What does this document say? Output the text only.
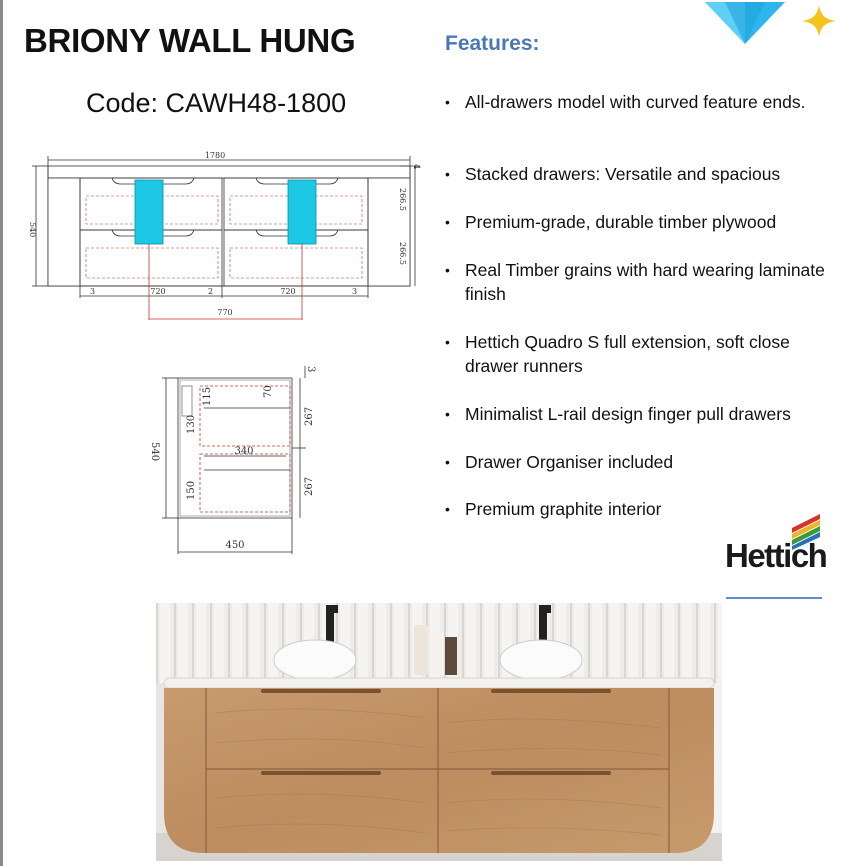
BRIONY WALL HUNG
Code: CAWH48-1800
Features:
• All-drawers model with curved feature ends.
• Stacked drawers: Versatile and spacious
• Premium-grade, durable timber plywood
• Real Timber grains with hard wearing laminate finish
• Hettich Quadro S full extension, soft close drawer runners
• Minimalist L-rail design finger pull drawers
• Drawer Organiser included
• Premium graphite interior
1780
4
266.5
266.5
540
3	720	2	720	3
770
3
540
115	70
130
150
340
267
267
450	Hettich
